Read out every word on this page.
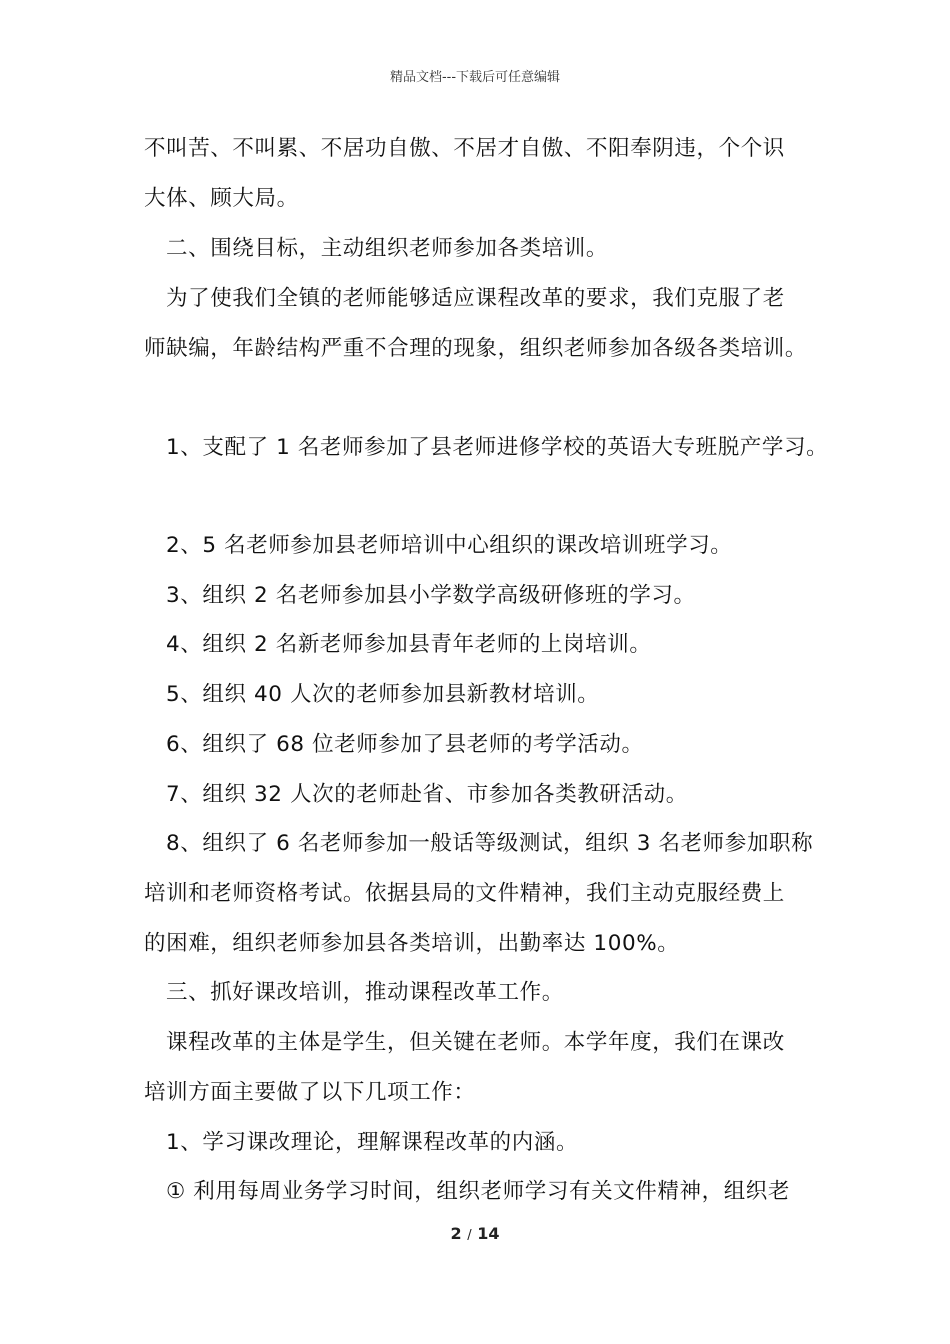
精品文档---下载后可任意编辑
不叫苦、不叫累、不居功自傲、不居才自傲、不阳奉阴违，个个识
大体、顾大局。
二、围绕目标，主动组织老师参加各类培训。
为了使我们全镇的老师能够适应课程改革的要求，我们克服了老
师缺编，年龄结构严重不合理的现象，组织老师参加各级各类培训。
1、支配了 1 名老师参加了县老师进修学校的英语大专班脱产学习。
2、5 名老师参加县老师培训中心组织的课改培训班学习。
3、组织 2 名老师参加县小学数学高级研修班的学习。
4、组织 2 名新老师参加县青年老师的上岗培训。
5、组织 40 人次的老师参加县新教材培训。
6、组织了 68 位老师参加了县老师的考学活动。
7、组织 32 人次的老师赴省、市参加各类教研活动。
8、组织了 6 名老师参加一般话等级测试，组织 3 名老师参加职称
培训和老师资格考试。依据县局的文件精神，我们主动克服经费上
的困难，组织老师参加县各类培训，出勤率达 100%。
三、抓好课改培训，推动课程改革工作。
课程改革的主体是学生，但关键在老师。本学年度，我们在课改
培训方面主要做了以下几项工作：
1、学习课改理论，理解课程改革的内涵。
① 利用每周业务学习时间，组织老师学习有关文件精神，组织老
2 / 14
